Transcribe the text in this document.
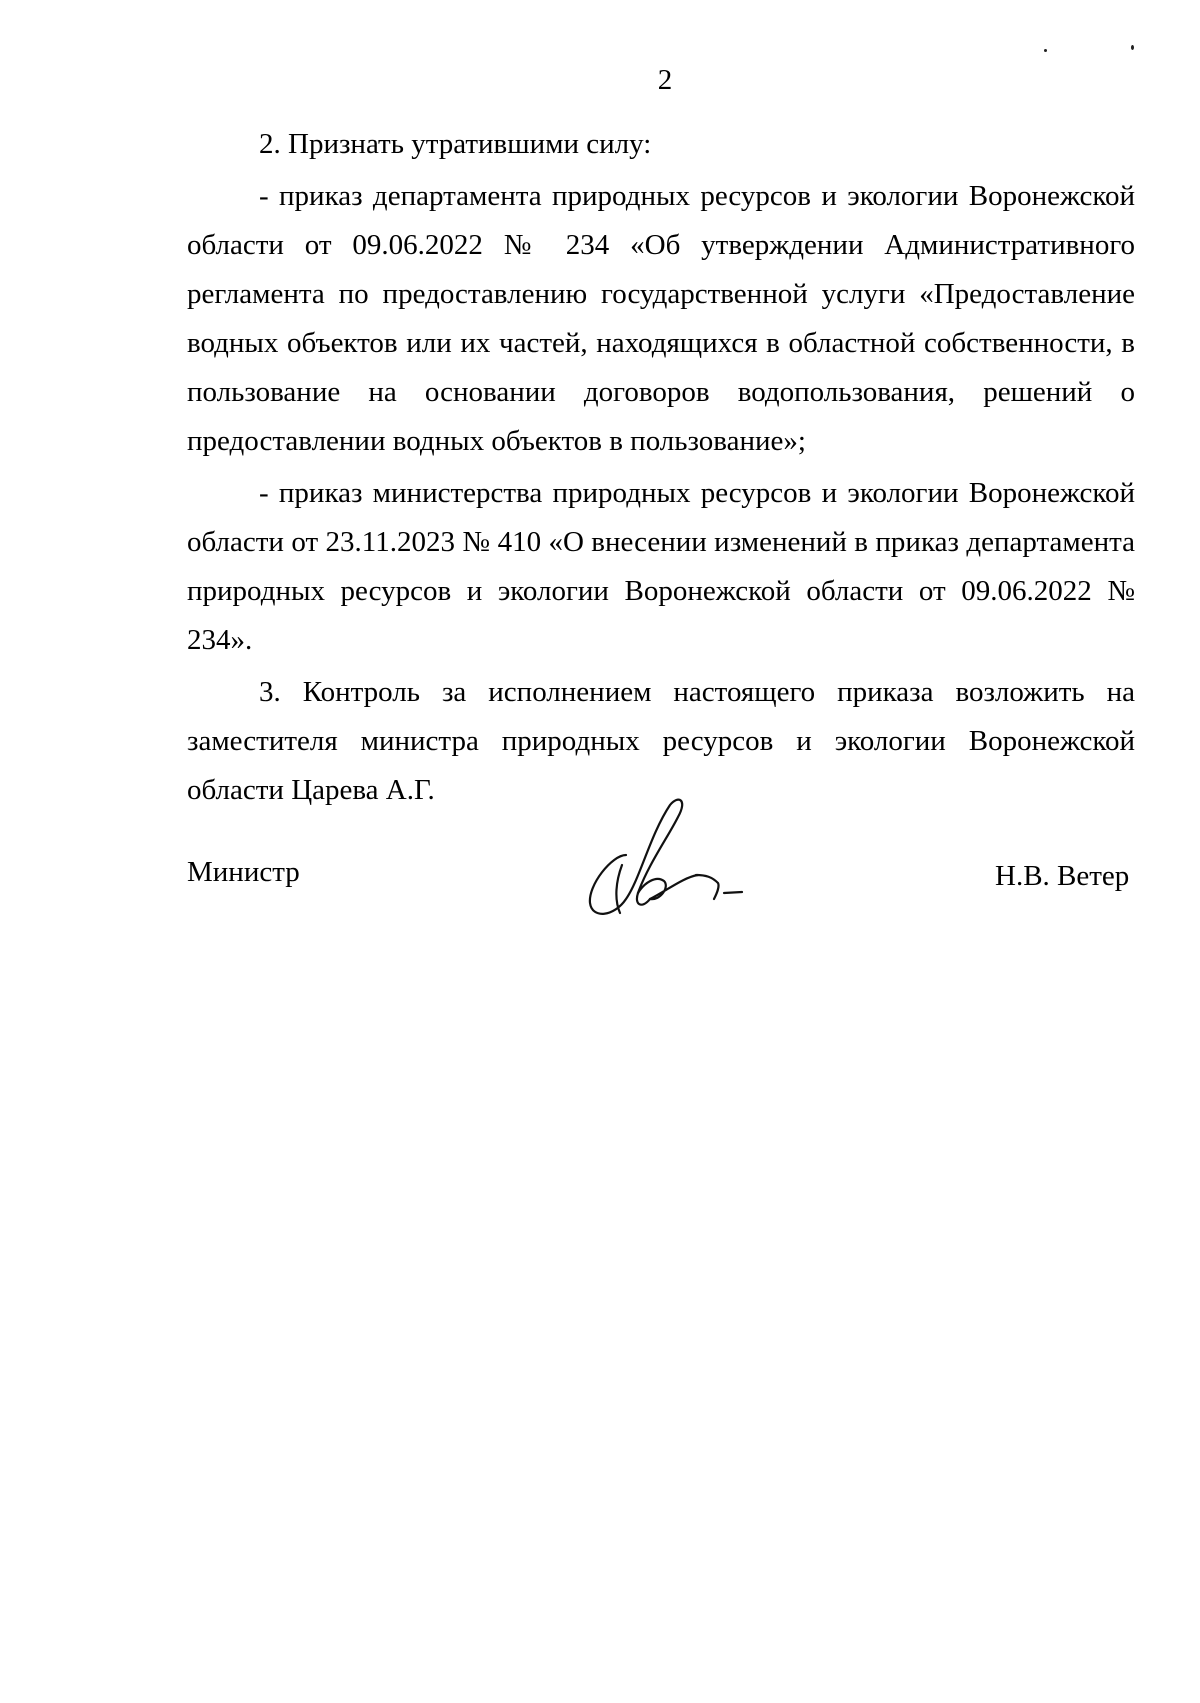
2

2. Признать утратившими силу:

- приказ департамента природных ресурсов и экологии Воронежской области от 09.06.2022 № 234 «Об утверждении Административного регламента по предоставлению государственной услуги «Предоставление водных объектов или их частей, находящихся в областной собственности, в пользование на основании договоров водопользования, решений о предоставлении водных объектов в пользование»;

- приказ министерства природных ресурсов и экологии Воронежской области от 23.11.2023 № 410 «О внесении изменений в приказ департамента природных ресурсов и экологии Воронежской области от 09.06.2022 № 234».

3. Контроль за исполнением настоящего приказа возложить на заместителя министра природных ресурсов и экологии Воронежской области Царева А.Г.

Министр	Н.В. Ветер
